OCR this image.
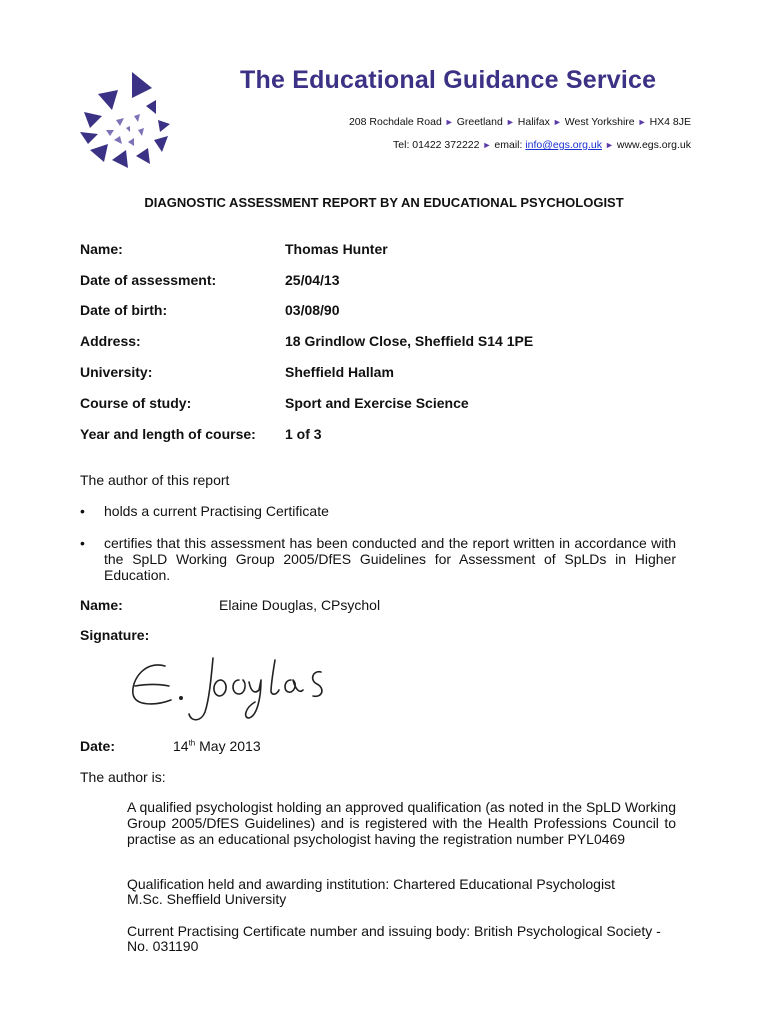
The Educational Guidance Service
208 Rochdale Road ► Greetland ► Halifax ► West Yorkshire ► HX4 8JE
Tel: 01422 372222 ► email: info@egs.org.uk ► www.egs.org.uk
DIAGNOSTIC ASSESSMENT REPORT BY AN EDUCATIONAL PSYCHOLOGIST
Name:	Thomas Hunter
Date of assessment:	25/04/13
Date of birth:	03/08/90
Address:	18 Grindlow Close, Sheffield S14 1PE
University:	Sheffield Hallam
Course of study:	Sport and Exercise Science
Year and length of course: 1 of 3
The author of this report
• holds a current Practising Certificate
• certifies that this assessment has been conducted and the report written in accordance with the SpLD Working Group 2005/DfES Guidelines for Assessment of SpLDs in Higher Education.
Name:	Elaine Douglas, CPsychol
Signature:
Date:	14th May 2013
The author is:
A qualified psychologist holding an approved qualification (as noted in the SpLD Working Group 2005/DfES Guidelines) and is registered with the Health Professions Council to practise as an educational psychologist having the registration number PYL0469
Qualification held and awarding institution: Chartered Educational Psychologist
M.Sc. Sheffield University
Current Practising Certificate number and issuing body: British Psychological Society -
No. 031190
